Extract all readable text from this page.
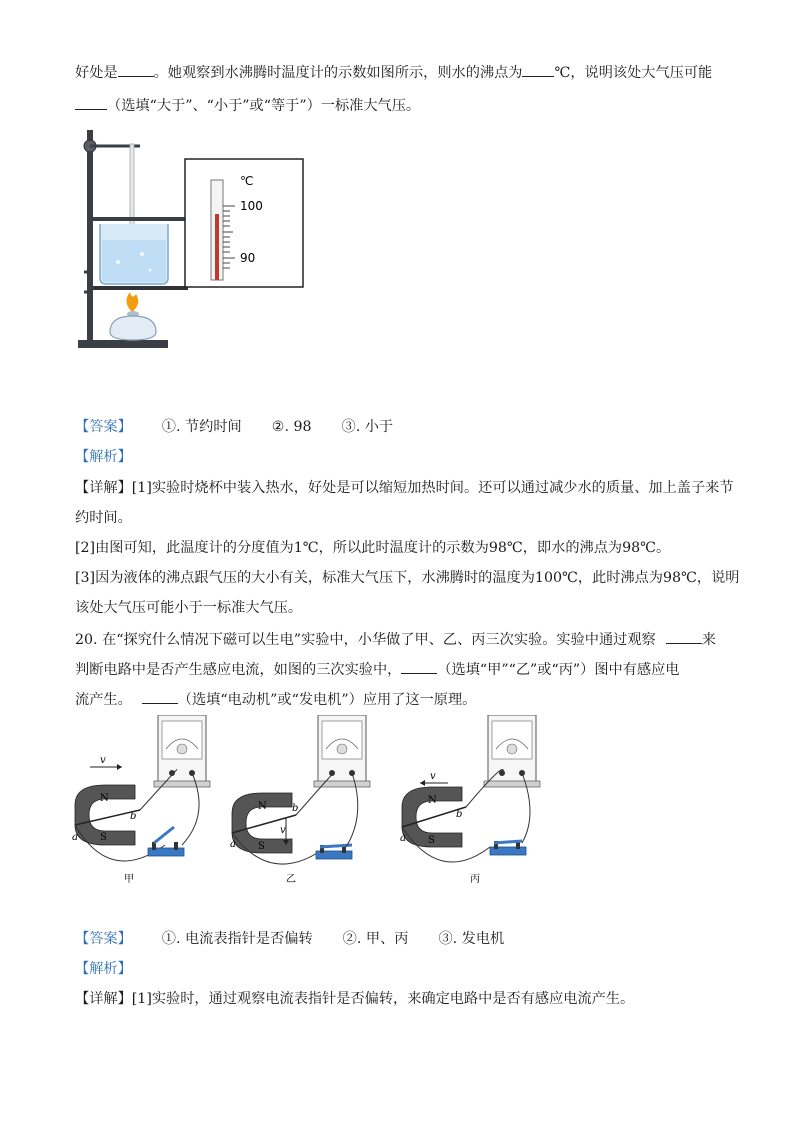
好处是	。她观察到水沸腾时温度计的示数如图所示，则水的沸点为 ℃，说明该处大气压可能
（选填“大于”、“小于”或“等于”）一标准大气压。
℃
100
90
【答案】 ①. 节约时间 ②. 98 ③. 小于
【解析】
【详解】[1]实验时烧杯中装入热水，好处是可以缩短加热时间。还可以通过减少水的质量、加上盖子来节
约时间。
[2]由图可知，此温度计的分度值为1℃，所以此时温度计的示数为98℃，即水的沸点为98℃。
[3]因为液体的沸点跟气压的大小有关，标准大气压下，水沸腾时的温度为100℃，此时沸点为98℃，说明
该处大气压可能小于一标准大气压。
20. 在“探究什么情况下磁可以生电”实验中，小华做了甲、乙、丙三次实验。实验中通过观察	来
判断电路中是否产生感应电流，如图的三次实验中，	（选填“甲”“乙”或“丙”）图中有感应电
流产生。	（选填“电动机”或“发电机”）应用了这一原理。
v
a
b
N
S
甲
v
a
b
N
S
乙
v
a
b
N
S
丙
【答案】 ①. 电流表指针是否偏转 ②. 甲、丙 ③. 发电机
【解析】
【详解】[1]实验时，通过观察电流表指针是否偏转，来确定电路中是否有感应电流产生。
